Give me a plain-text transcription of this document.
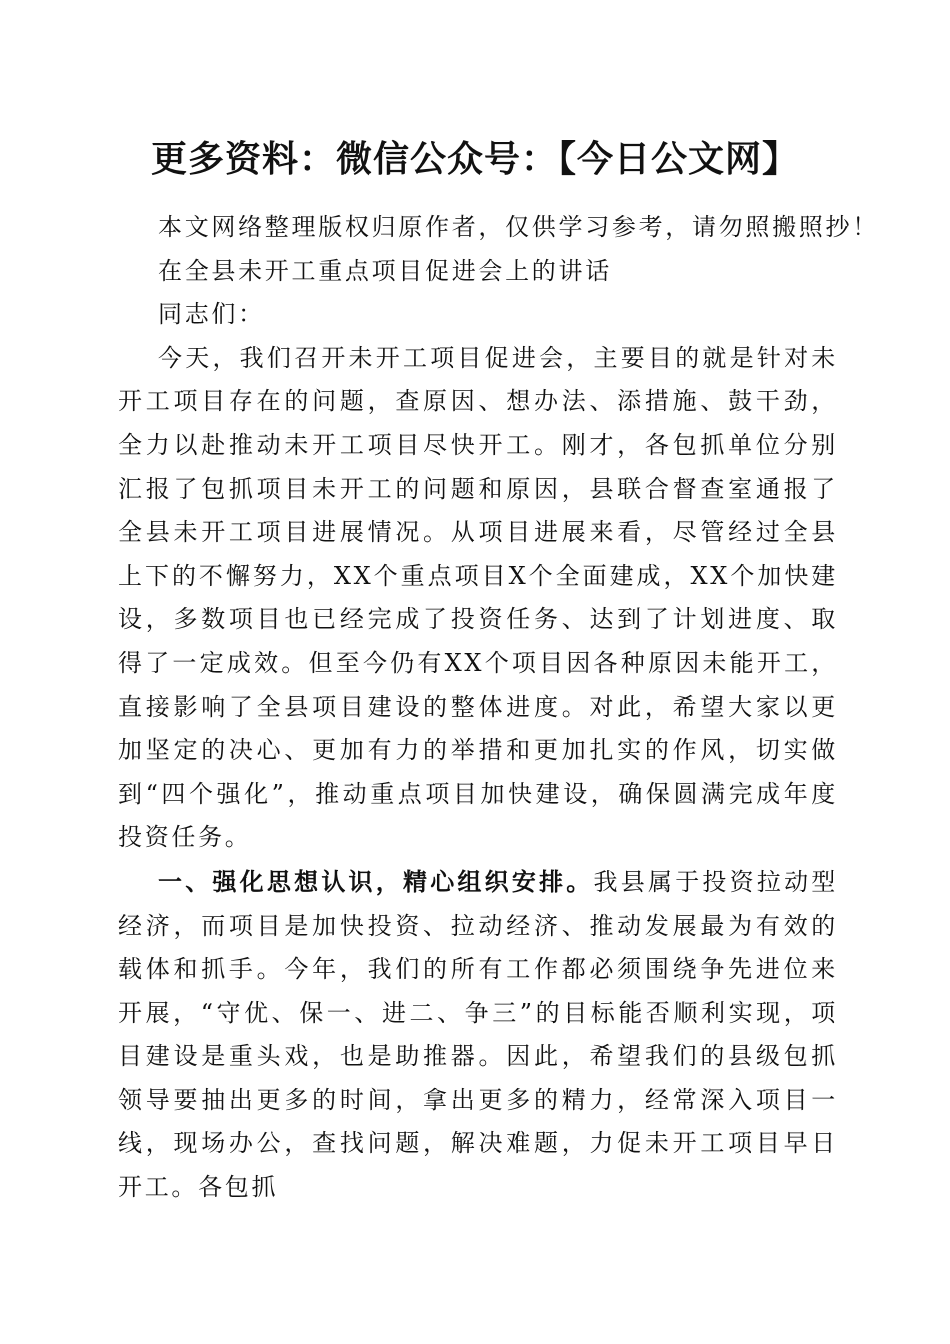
更多资料：微信公众号：【今日公文网】

本文网络整理版权归原作者，仅供学习参考，请勿照搬照抄！

在全县未开工重点项目促进会上的讲话

同志们：

今天，我们召开未开工项目促进会，主要目的就是针对未开工项目存在的问题，查原因、想办法、添措施、鼓干劲，全力以赴推动未开工项目尽快开工。刚才，各包抓单位分别汇报了包抓项目未开工的问题和原因，县联合督查室通报了全县未开工项目进展情况。从项目进展来看，尽管经过全县上下的不懈努力，XX个重点项目X个全面建成，XX个加快建设，多数项目也已经完成了投资任务、达到了计划进度、取得了一定成效。但至今仍有XX个项目因各种原因未能开工，直接影响了全县项目建设的整体进度。对此，希望大家以更加坚定的决心、更加有力的举措和更加扎实的作风，切实做到“四个强化”，推动重点项目加快建设，确保圆满完成年度投资任务。

一、强化思想认识，精心组织安排。我县属于投资拉动型经济，而项目是加快投资、拉动经济、推动发展最为有效的载体和抓手。今年，我们的所有工作都必须围绕争先进位来开展，“守优、保一、进二、争三”的目标能否顺利实现，项目建设是重头戏，也是助推器。因此，希望我们的县级包抓领导要抽出更多的时间，拿出更多的精力，经常深入项目一线，现场办公，查找问题，解决难题，力促未开工项目早日开工。各包抓
